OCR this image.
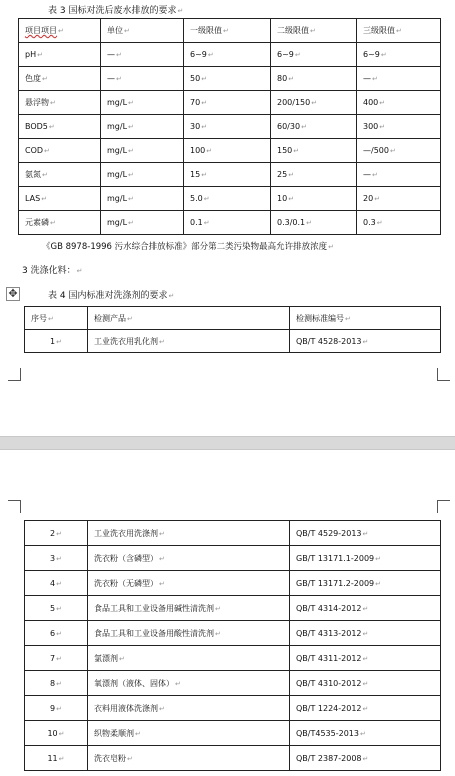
表 3 国标对洗后废水排放的要求↵
项目项目↵	单位↵	一级限值↵	二级限值↵	三级限值↵
pH↵	—↵	6~9↵	6~9↵	6~9↵
色度↵	—↵	50↵	80↵	—↵
悬浮物↵	mg/L↵	70↵	200/150↵	400↵
BOD5↵	mg/L↵	30↵	60/30↵	300↵
COD↵	mg/L↵	100↵	150↵	—/500↵
氨氮↵	mg/L↵	15↵	25↵	—↵
LAS↵	mg/L↵	5.0↵	10↵	20↵
元素磷↵	mg/L↵	0.1↵	0.3/0.1↵	0.3↵
《GB 8978-1996 污水综合排放标准》部分第二类污染物最高允许排放浓度↵
3 洗涤化料：↵
✥	表 4 国内标准对洗涤剂的要求↵
序号↵	检测产品↵	检测标准编号↵
1↵	工业洗衣用乳化剂↵	QB/T 4528-2013↵
2↵	工业洗衣用洗涤剂↵	QB/T 4529-2013↵
3↵	洗衣粉（含磷型）↵	GB/T 13171.1-2009↵
4↵	洗衣粉（无磷型）↵	GB/T 13171.2-2009↵
5↵	食品工具和工业设备用碱性清洗剂↵	QB/T 4314-2012↵
6↵	食品工具和工业设备用酸性清洗剂↵	QB/T 4313-2012↵
7↵	氯漂剂↵	QB/T 4311-2012↵
8↵	氧漂剂（液体、固体）↵	QB/T 4310-2012↵
9↵	衣料用液体洗涤剂↵	QB/T 1224-2012↵
10↵	织物柔顺剂↵	QB/T4535-2013↵
11↵	洗衣皂粉↵	QB/T 2387-2008↵
